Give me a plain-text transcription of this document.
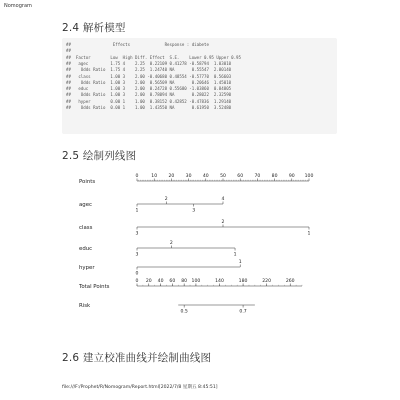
Nomogram
2.4 解析模型
##                 Effects              Response : diabete
##
##  Factor        Low  High Diff. Effect  S.E.    Lower 0.95 Upper 0.95
##   agec         1.75 4    2.25  0.22109 0.41278 -0.58794  1.03010
##    Odds Ratio  1.75 4    2.25  1.24740 NA       0.55547  2.80140
##   class        1.00 3    2.00 -0.40680 0.48554 -0.57770  0.56603
##    Odds Ratio  1.00 3    2.00  0.56509 NA       0.20646  1.45010
##   educ         1.00 3    2.00  0.24728 0.55680 -1.03860  0.84805
##    Odds Ratio  1.00 3    2.00  0.78094 NA       0.28022  2.32590
##   hyper        0.00 1    1.00  0.38152 0.42852 -0.47836  1.29140
##    Odds Ratio  0.00 1    1.00  1.43550 NA       0.61950  3.52480
2.5 绘制列线图
Points
0	10 20 30 40 50 60 70 80 90 100
agec
2	4
1	3
class
2
3	1
educ
2
3	1
hyper
1
0
Total Points
0 20 40 60 80 100	140	180	220	260
Risk
0.5	0.7
2.6 建立校准曲线并绘制曲线图
file:///F:/Prophet/R/Nomogram/Report.html[2022/7/8 星期五 8:45:51]
